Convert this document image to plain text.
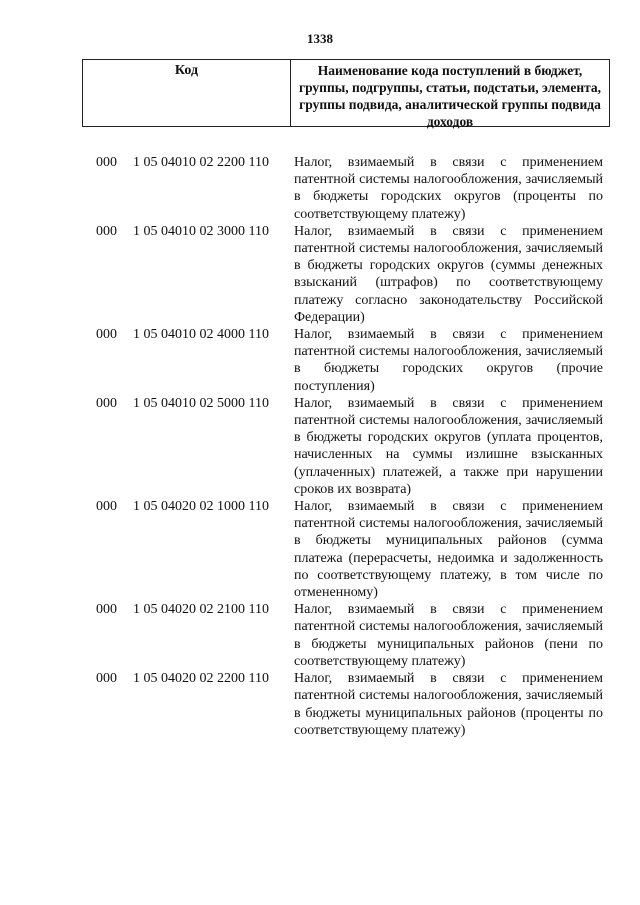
1338
Код	Наименование кода поступлений в бюджет, группы, подгруппы, статьи, подстатьи, элемента, группы подвида, аналитической группы подвида доходов
000 1 05 04010 02 2200 110 Налог, взимаемый в связи с применением патентной системы налогообложения, зачисляемый в бюджеты городских округов (проценты по соответствующему платежу)
000 1 05 04010 02 3000 110 Налог, взимаемый в связи с применением патентной системы налогообложения, зачисляемый в бюджеты городских округов (суммы денежных взысканий (штрафов) по соответствующему платежу согласно законодательству Российской Федерации)
000 1 05 04010 02 4000 110 Налог, взимаемый в связи с применением патентной системы налогообложения, зачисляемый в бюджеты городских округов (прочие поступления)
000 1 05 04010 02 5000 110 Налог, взимаемый в связи с применением патентной системы налогообложения, зачисляемый в бюджеты городских округов (уплата процентов, начисленных на суммы излишне взысканных (уплаченных) платежей, а также при нарушении сроков их возврата)
000 1 05 04020 02 1000 110 Налог, взимаемый в связи с применением патентной системы налогообложения, зачисляемый в бюджеты муниципальных районов (сумма платежа (перерасчеты, недоимка и задолженность по соответствующему платежу, в том числе по отмененному)
000 1 05 04020 02 2100 110 Налог, взимаемый в связи с применением патентной системы налогообложения, зачисляемый в бюджеты муниципальных районов (пени по соответствующему платежу)
000 1 05 04020 02 2200 110 Налог, взимаемый в связи с применением патентной системы налогообложения, зачисляемый в бюджеты муниципальных районов (проценты по соответствующему платежу)
